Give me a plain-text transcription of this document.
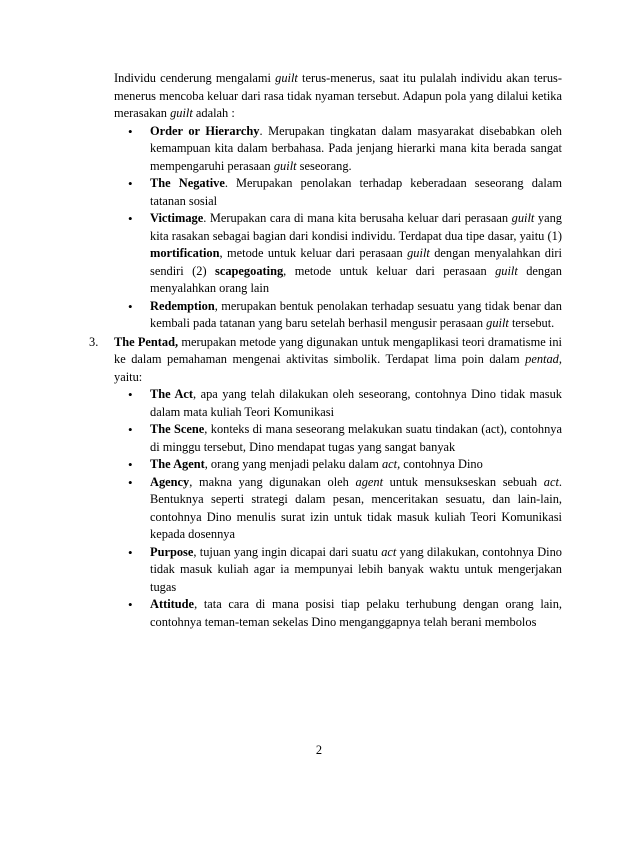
Individu cenderung mengalami guilt terus-menerus, saat itu pulalah individu akan terus-menerus mencoba keluar dari rasa tidak nyaman tersebut. Adapun pola yang dilalui ketika merasakan guilt adalah :

• Order or Hierarchy. Merupakan tingkatan dalam masyarakat disebabkan oleh kemampuan kita dalam berbahasa. Pada jenjang hierarki mana kita berada sangat mempengaruhi perasaan guilt seseorang.
• The Negative. Merupakan penolakan terhadap keberadaan seseorang dalam tatanan sosial
• Victimage. Merupakan cara di mana kita berusaha keluar dari perasaan guilt yang kita rasakan sebagai bagian dari kondisi individu. Terdapat dua tipe dasar, yaitu (1) mortification, metode untuk keluar dari perasaan guilt dengan menyalahkan diri sendiri (2) scapegoating, metode untuk keluar dari perasaan guilt dengan menyalahkan orang lain
• Redemption, merupakan bentuk penolakan terhadap sesuatu yang tidak benar dan kembali pada tatanan yang baru setelah berhasil mengusir perasaan guilt tersebut.
3. The Pentad, merupakan metode yang digunakan untuk mengaplikasi teori dramatisme ini ke dalam pemahaman mengenai aktivitas simbolik. Terdapat lima poin dalam pentad, yaitu:

• The Act, apa yang telah dilakukan oleh seseorang, contohnya Dino tidak masuk dalam mata kuliah Teori Komunikasi
• The Scene, konteks di mana seseorang melakukan suatu tindakan (act), contohnya di minggu tersebut, Dino mendapat tugas yang sangat banyak
• The Agent, orang yang menjadi pelaku dalam act, contohnya Dino
• Agency, makna yang digunakan oleh agent untuk mensukseskan sebuah act. Bentuknya seperti strategi dalam pesan, menceritakan sesuatu, dan lain-lain, contohnya Dino menulis surat izin untuk tidak masuk kuliah Teori Komunikasi kepada dosennya
• Purpose, tujuan yang ingin dicapai dari suatu act yang dilakukan, contohnya Dino tidak masuk kuliah agar ia mempunyai lebih banyak waktu untuk mengerjakan tugas
• Attitude, tata cara di mana posisi tiap pelaku terhubung dengan orang lain, contohnya teman-teman sekelas Dino menganggapnya telah berani membolos
2
